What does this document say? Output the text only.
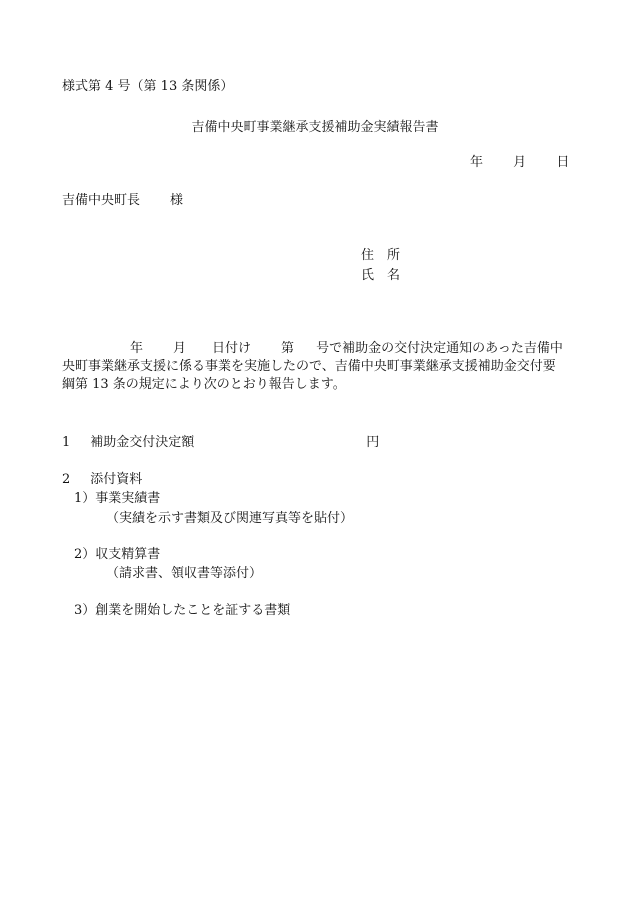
様式第 4 号（第 13 条関係）
吉備中央町事業継承支援補助金実績報告書
年 月 日
吉備中央町長 様
住 所
氏 名
年 月 日付け 第 号で補助金の交付決定通知のあった吉備中
央町事業継承支援に係る事業を実施したので、吉備中央町事業継承支援補助金交付要
綱第 13 条の規定により次のとおり報告します。
1 補助金交付決定額	円
2 添付資料
1）事業実績書
（実績を示す書類及び関連写真等を貼付）
2）収支精算書
（請求書、領収書等添付）
3）創業を開始したことを証する書類
